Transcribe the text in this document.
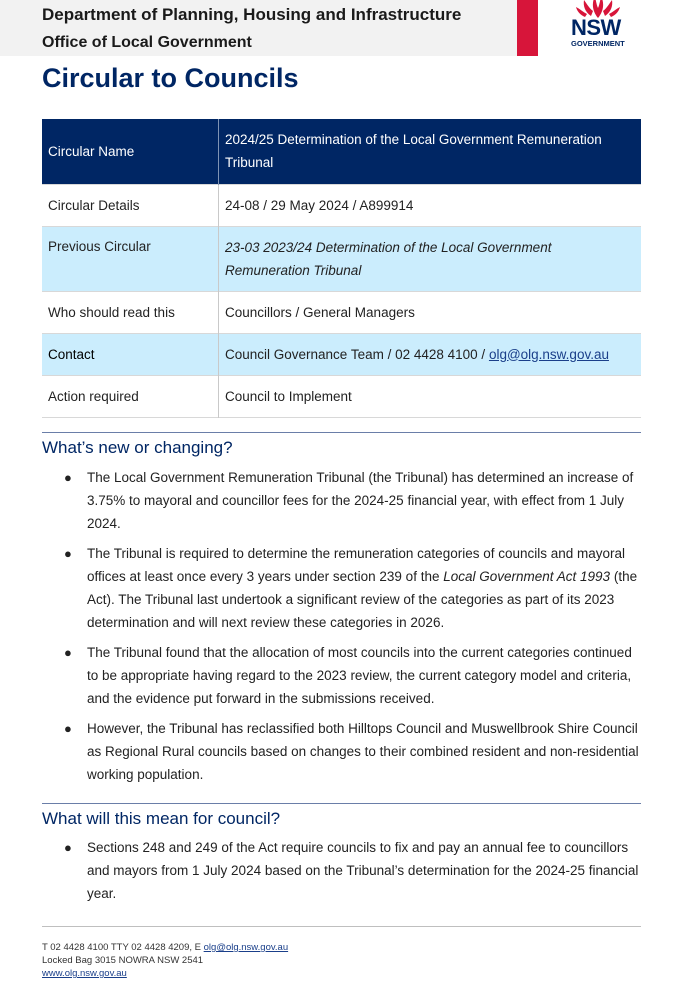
Department of Planning, Housing and Infrastructure
Office of Local Government
NSW
GOVERNMENT
Circular to Councils
Circular Name	2024/25 Determination of the Local Government Remuneration Tribunal
Circular Details	24-08 / 29 May 2024 / A899914
Previous Circular	23-03 2023/24 Determination of the Local Government Remuneration Tribunal
Who should read this	Councillors / General Managers
Contact	Council Governance Team / 02 4428 4100 / olg@olg.nsw.gov.au
Action required	Council to Implement
What’s new or changing?
● The Local Government Remuneration Tribunal (the Tribunal) has determined an increase of 3.75% to mayoral and councillor fees for the 2024-25 financial year, with effect from 1 July 2024.
● The Tribunal is required to determine the remuneration categories of councils and mayoral offices at least once every 3 years under section 239 of the Local Government Act 1993 (the Act). The Tribunal last undertook a significant review of the categories as part of its 2023 determination and will next review these categories in 2026.
● The Tribunal found that the allocation of most councils into the current categories continued to be appropriate having regard to the 2023 review, the current category model and criteria, and the evidence put forward in the submissions received.
● However, the Tribunal has reclassified both Hilltops Council and Muswellbrook Shire Council as Regional Rural councils based on changes to their combined resident and non-residential working population.
What will this mean for council?
● Sections 248 and 249 of the Act require councils to fix and pay an annual fee to councillors and mayors from 1 July 2024 based on the Tribunal’s determination for the 2024-25 financial year.
T 02 4428 4100 TTY 02 4428 4209, E olg@olg.nsw.gov.au
Locked Bag 3015 NOWRA NSW 2541
www.olg.nsw.gov.au
